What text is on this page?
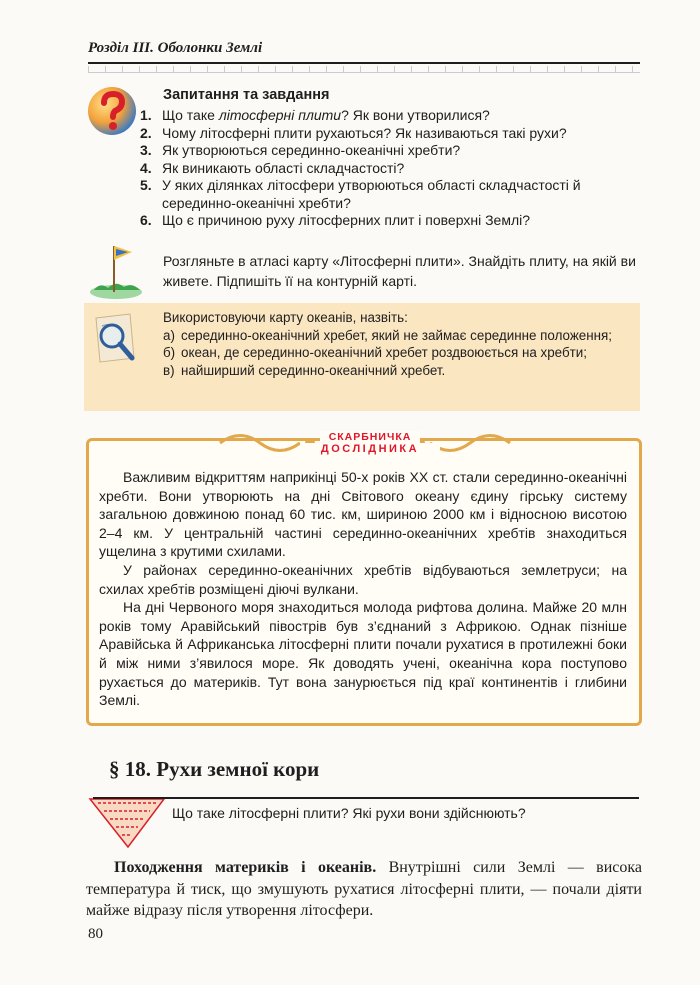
Розділ ІІІ. Оболонки Землі
Запитання та завдання
1. Що таке літосферні плити? Як вони утворилися?
2. Чому літосферні плити рухаються? Як називаються такі рухи?
3. Як утворюються серединно-океанічні хребти?
4. Як виникають області складчастості?
5. У яких ділянках літосфери утворюються області складчастості й серединно-океанічні хребти?
6. Що є причиною руху літосферних плит і поверхні Землі?
Розгляньте в атласі карту «Літосферні плити». Знайдіть плиту, на якій ви живете. Підпишіть її на контурній карті.
Використовуючи карту океанів, назвіть:
а) серединно-океанічний хребет, який не займає серединне положення;
б) океан, де серединно-океанічний хребет роздвоюється на хребти;
в) найширший серединно-океанічний хребет.
СКАРБНИЧКА
ДОСЛІДНИКА

Важливим відкриттям наприкінці 50-х років XX ст. стали серединно-океанічні хребти. Вони утворюють на дні Світового океану єдину гірську систему загальною довжиною понад 60 тис. км, шириною 2000 км і відносною висотою 2–4 км. У центральній частині серединно-океанічних хребтів знаходиться ущелина з крутими схилами.

У районах серединно-океанічних хребтів відбуваються землетруси; на схилах хребтів розміщені діючі вулкани.

На дні Червоного моря знаходиться молода рифтова долина. Майже 20 млн років тому Аравійський півострів був з’єднаний з Африкою. Однак пізніше Аравійська й Африканська літосферні плити почали рухатися в протилежні боки й між ними з’явилося море. Як доводять учені, океанічна кора поступово рухається до материків. Тут вона занурюється під краї континентів і глибини Землі.

§ 18. Рухи земної кори
Що таке літосферні плити? Які рухи вони здійснюють?
Походження материків і океанів. Внутрішні сили Землі — висока температура й тиск, що змушують рухатися літосферні плити, — почали діяти майже відразу після утворення літосфери.
80
